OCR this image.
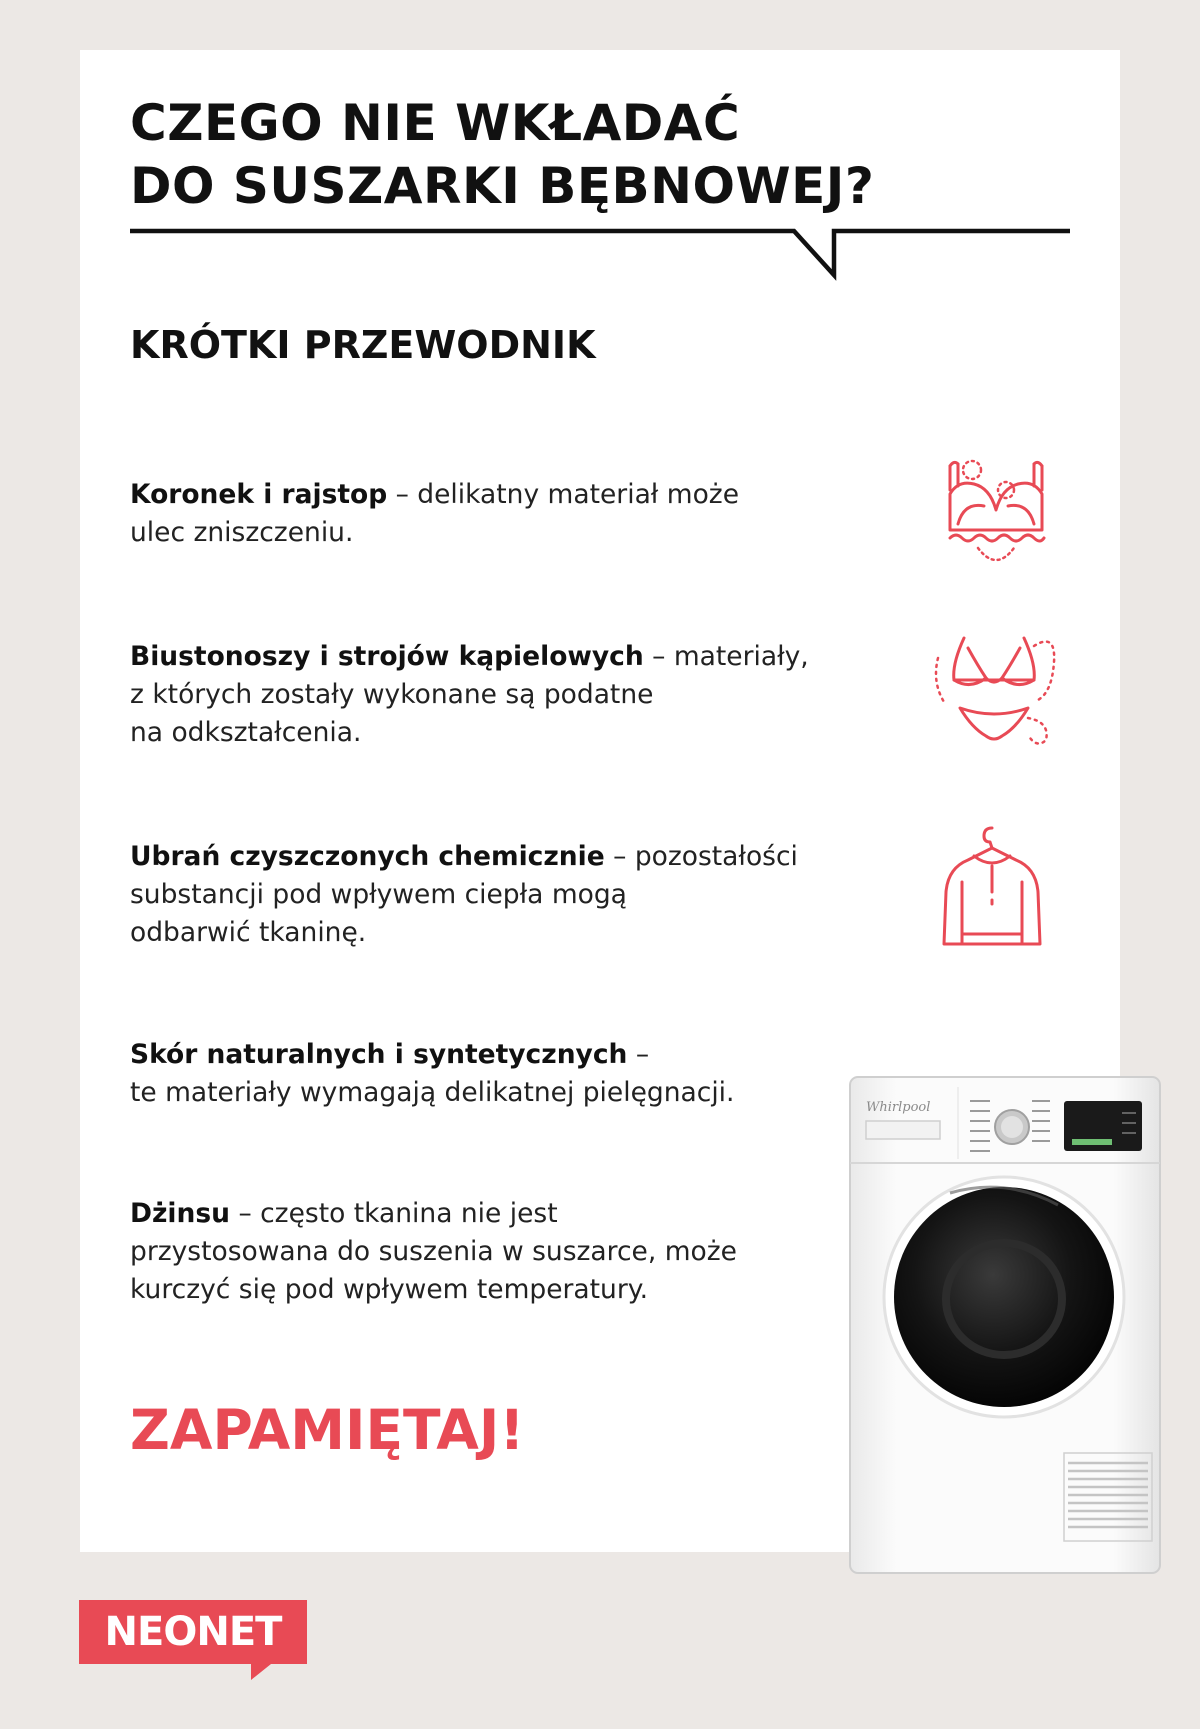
CZEGO NIE WKŁADAĆ
DO SUSZARKI BĘBNOWEJ?
KRÓTKI PRZEWODNIK

Koronek i rajstop – delikatny materiał może
ulec zniszczeniu.

Biustonoszy i strojów kąpielowych – materiały,
z których zostały wykonane są podatne
na odkształcenia.

Ubrań czyszczonych chemicznie – pozostałości
substancji pod wpływem ciepła mogą
odbarwić tkaninę.

Skór naturalnych i syntetycznych –
te materiały wymagają delikatnej pielęgnacji.

Dżinsu – często tkanina nie jest
przystosowana do suszenia w suszarce, może
kurczyć się pod wpływem temperatury.

ZAPAMIĘTAJ!
Whirlpool
NEONET
